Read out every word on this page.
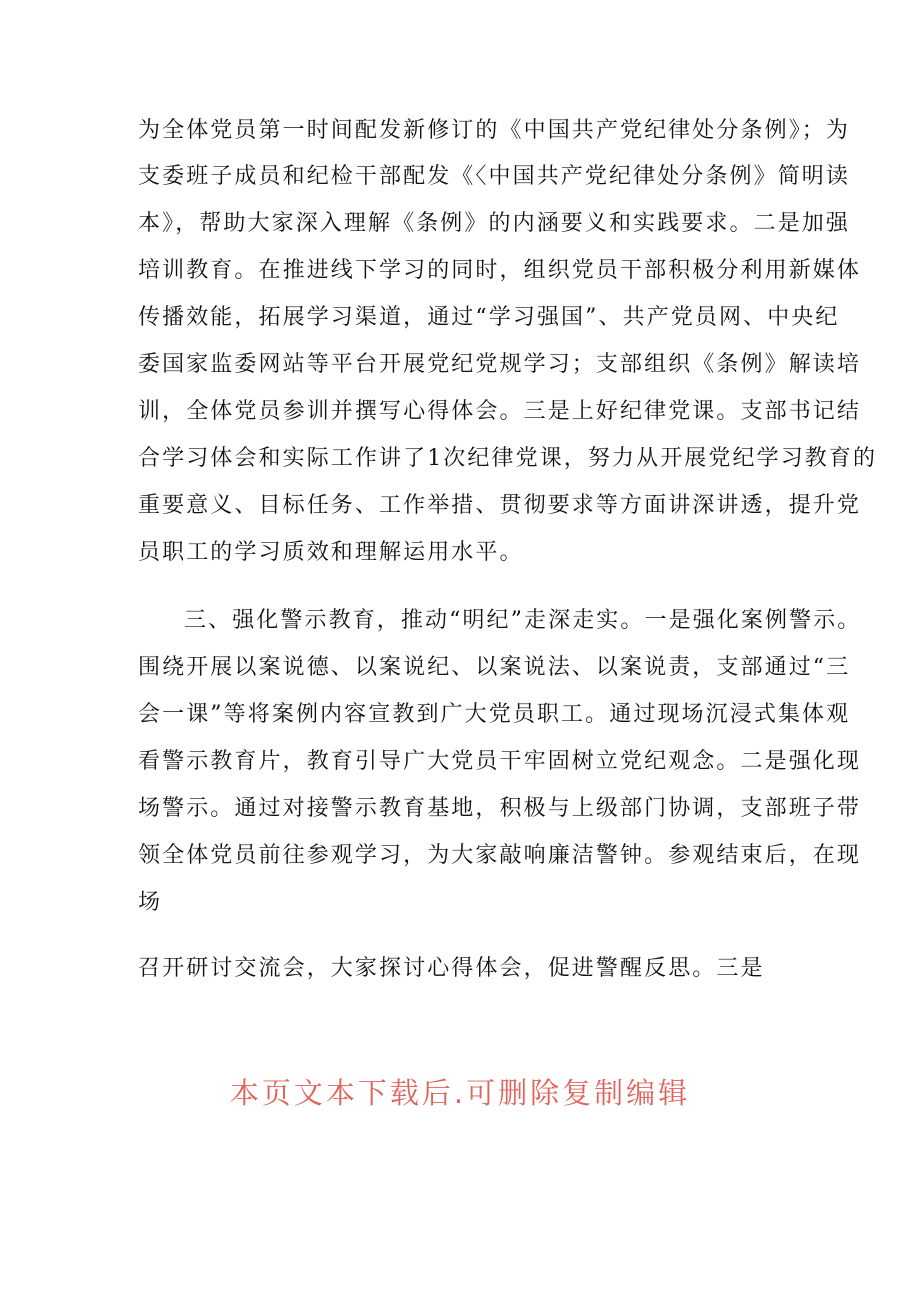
为全体党员第一时间配发新修订的《中国共产党纪律处分条例》；为
支委班子成员和纪检干部配发《〈中国共产党纪律处分条例》简明读
本》，帮助大家深入理解《条例》的内涵要义和实践要求。二是加强
培训教育。在推进线下学习的同时，组织党员干部积极分利用新媒体
传播效能，拓展学习渠道，通过“学习强国”、共产党员网、中央纪
委国家监委网站等平台开展党纪党规学习；支部组织《条例》解读培
训，全体党员参训并撰写心得体会。三是上好纪律党课。支部书记结
合学习体会和实际工作讲了1次纪律党课，努力从开展党纪学习教育的
重要意义、目标任务、工作举措、贯彻要求等方面讲深讲透，提升党
员职工的学习质效和理解运用水平。
三、强化警示教育，推动“明纪”走深走实。一是强化案例警示。
围绕开展以案说德、以案说纪、以案说法、以案说责，支部通过“三
会一课”等将案例内容宣教到广大党员职工。通过现场沉浸式集体观
看警示教育片，教育引导广大党员干牢固树立党纪观念。二是强化现
场警示。通过对接警示教育基地，积极与上级部门协调，支部班子带
领全体党员前往参观学习，为大家敲响廉洁警钟。参观结束后，在现
场
召开研讨交流会，大家探讨心得体会，促进警醒反思。三是
本页文本下载后.可删除复制编辑
